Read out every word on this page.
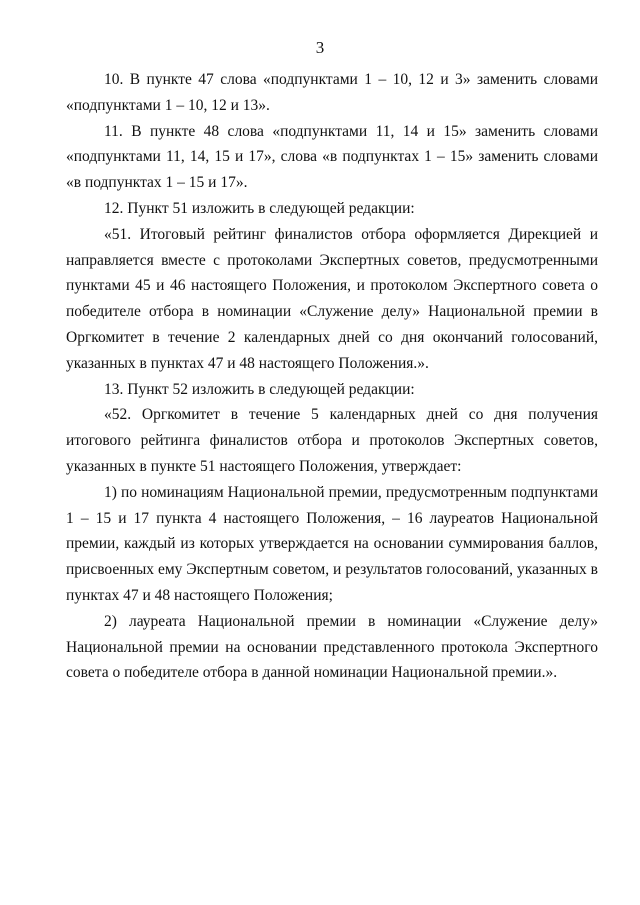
3

10. В пункте 47 слова «подпунктами 1 – 10, 12 и 3» заменить словами «подпунктами 1 – 10, 12 и 13».

11. В пункте 48 слова «подпунктами 11, 14 и 15» заменить словами «подпунктами 11, 14, 15 и 17», слова «в подпунктах 1 – 15» заменить словами «в подпунктах 1 – 15 и 17».

12. Пункт 51 изложить в следующей редакции:

«51. Итоговый рейтинг финалистов отбора оформляется Дирекцией и направляется вместе с протоколами Экспертных советов, предусмотренными пунктами 45 и 46 настоящего Положения, и протоколом Экспертного совета о победителе отбора в номинации «Служение делу» Национальной премии в Оргкомитет в течение 2 календарных дней со дня окончаний голосований, указанных в пунктах 47 и 48 настоящего Положения.».

13. Пункт 52 изложить в следующей редакции:

«52. Оргкомитет в течение 5 календарных дней со дня получения итогового рейтинга финалистов отбора и протоколов Экспертных советов, указанных в пункте 51 настоящего Положения, утверждает:

1) по номинациям Национальной премии, предусмотренным подпунктами 1 – 15 и 17 пункта 4 настоящего Положения, – 16 лауреатов Национальной премии, каждый из которых утверждается на основании суммирования баллов, присвоенных ему Экспертным советом, и результатов голосований, указанных в пунктах 47 и 48 настоящего Положения;

2) лауреата Национальной премии в номинации «Служение делу» Национальной премии на основании представленного протокола Экспертного совета о победителе отбора в данной номинации Национальной премии.».
